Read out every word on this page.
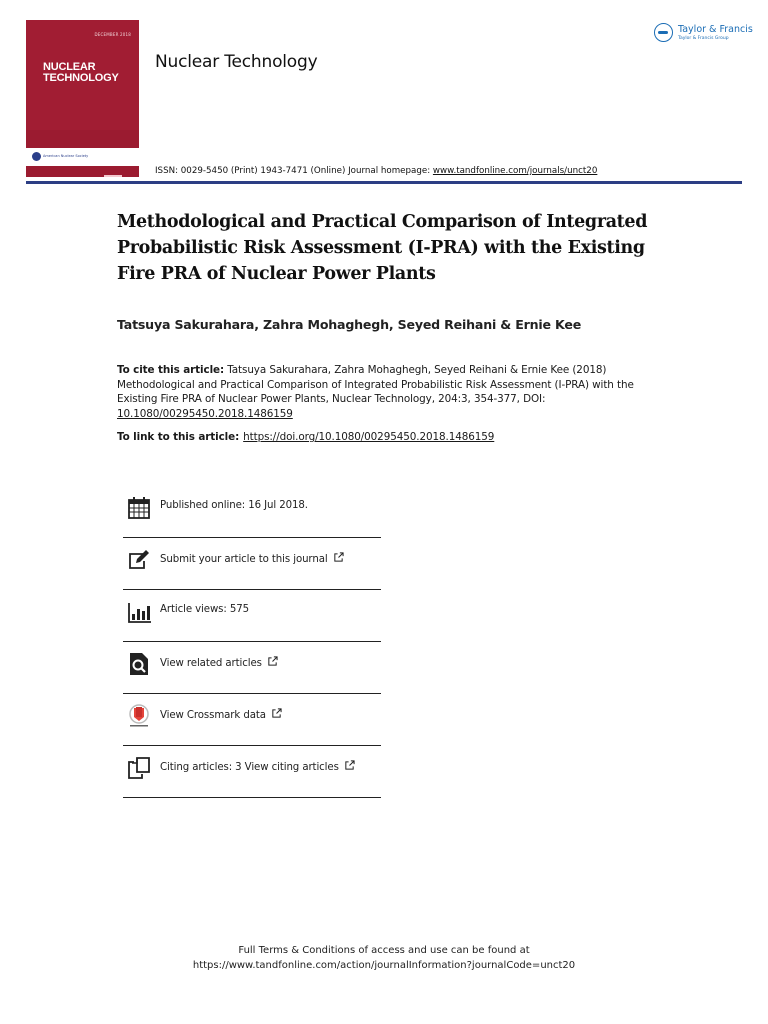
DECEMBER 2018
NUCLEAR
TECHNOLOGY
American Nuclear Society
Nuclear Technology
Taylor & Francis
Taylor & Francis Group
ISSN: 0029-5450 (Print) 1943-7471 (Online) Journal homepage: www.tandfonline.com/journals/unct20
Methodological and Practical Comparison of Integrated Probabilistic Risk Assessment (I-PRA) with the Existing Fire PRA of Nuclear Power Plants
Tatsuya Sakurahara, Zahra Mohaghegh, Seyed Reihani & Ernie Kee
To cite this article: Tatsuya Sakurahara, Zahra Mohaghegh, Seyed Reihani & Ernie Kee (2018) Methodological and Practical Comparison of Integrated Probabilistic Risk Assessment (I-PRA) with the Existing Fire PRA of Nuclear Power Plants, Nuclear Technology, 204:3, 354-377, DOI: 10.1080/00295450.2018.1486159
To link to this article: https://doi.org/10.1080/00295450.2018.1486159
Published online: 16 Jul 2018.
Submit your article to this journal
Article views: 575
View related articles
View Crossmark data
Citing articles: 3 View citing articles
Full Terms & Conditions of access and use can be found at
https://www.tandfonline.com/action/journalInformation?journalCode=unct20
